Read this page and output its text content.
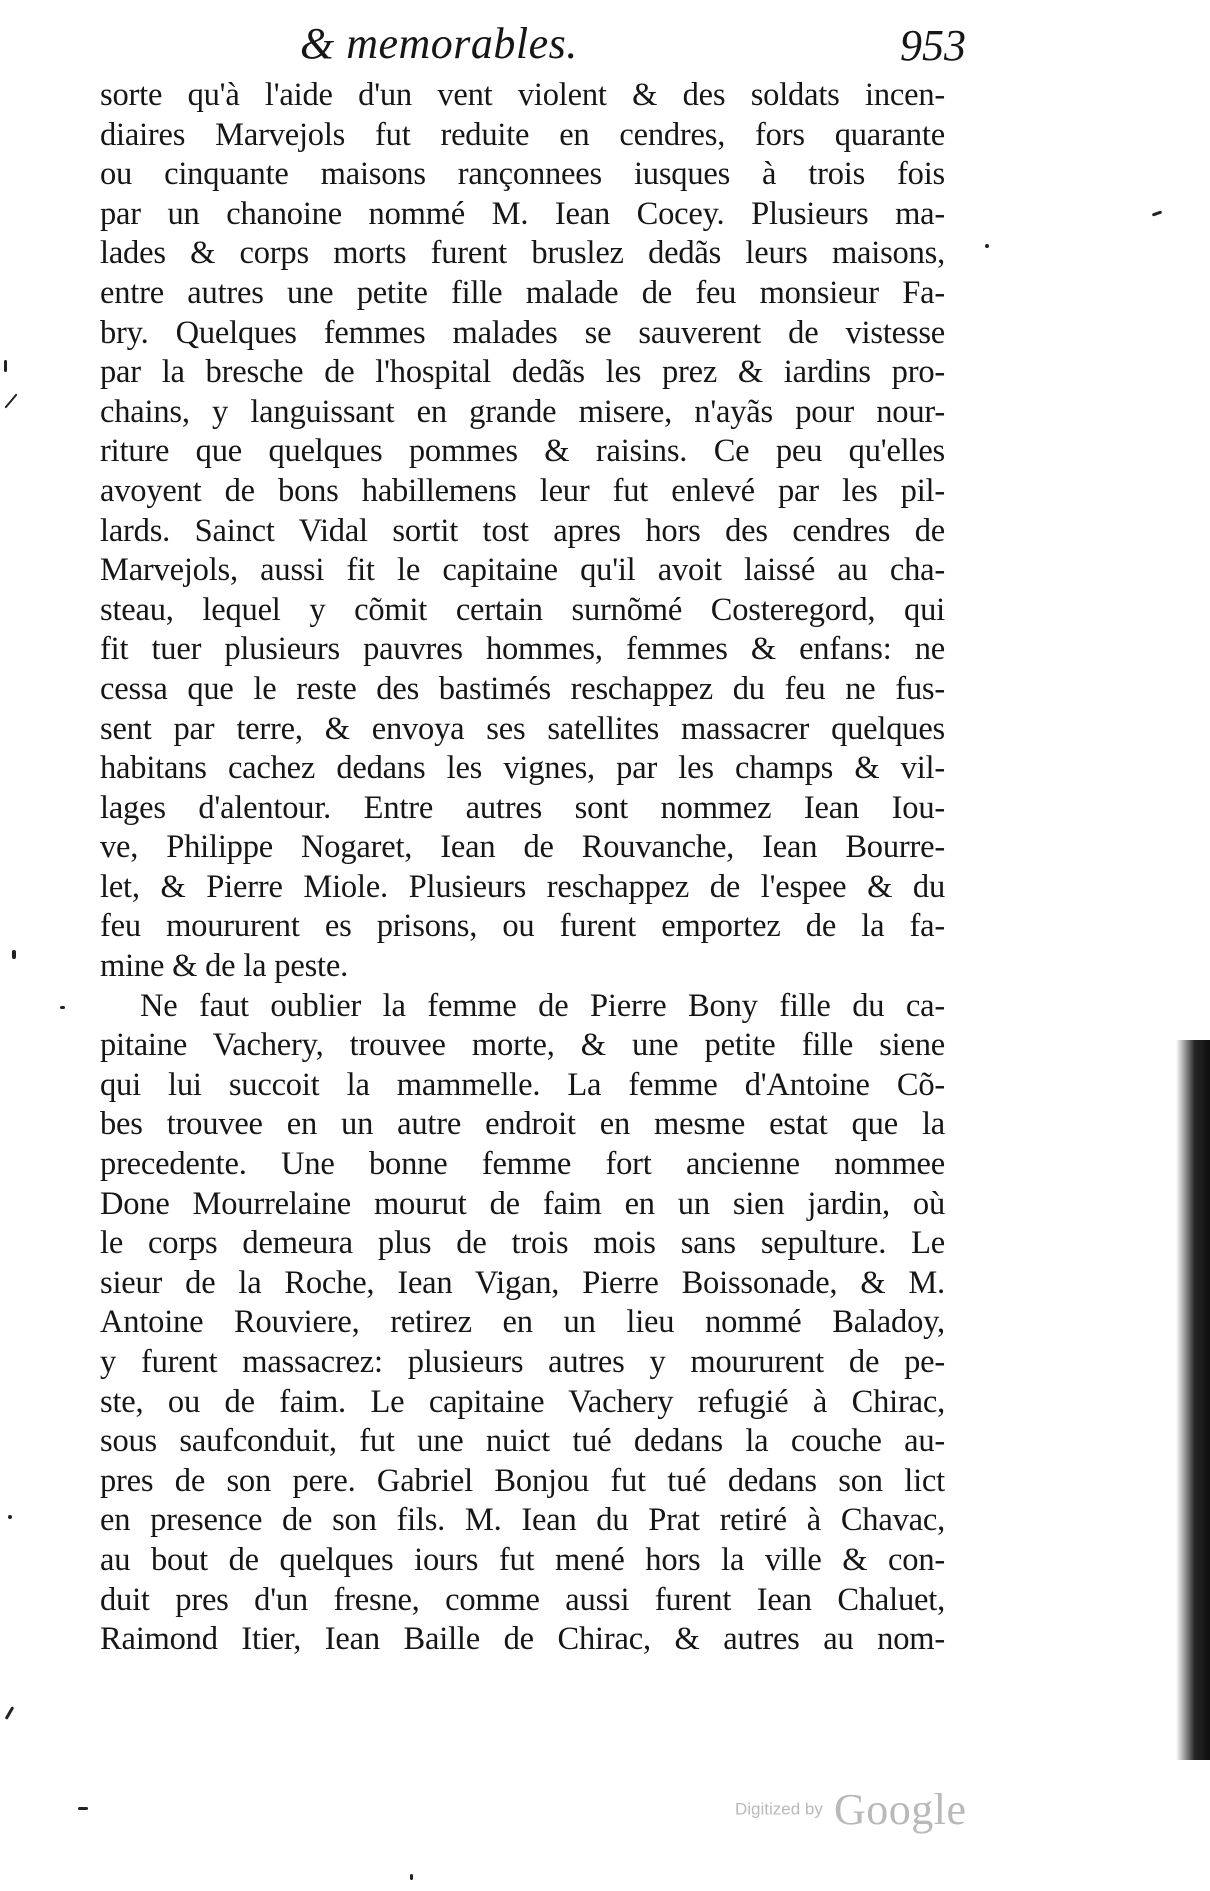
& memorables.	953
sorte qu'à l'aide d'un vent violent & des soldats incen-
diaires Marvejols fut reduite en cendres, fors quarante
ou cinquante maisons rançonnees iusques à trois fois
par un chanoine nommé M. Iean Cocey. Plusieurs ma-
lades & corps morts furent bruslez dedãs leurs maisons,
entre autres une petite fille malade de feu monsieur Fa-
bry. Quelques femmes malades se sauverent de vistesse
par la bresche de l'hospital dedãs les prez & iardins pro-
chains, y languissant en grande misere, n'ayãs pour nour-
riture que quelques pommes & raisins. Ce peu qu'elles
avoyent de bons habillemens leur fut enlevé par les pil-
lards. Sainct Vidal sortit tost apres hors des cendres de
Marvejols, aussi fit le capitaine qu'il avoit laissé au cha-
steau, lequel y cõmit certain surnõmé Costeregord, qui
fit tuer plusieurs pauvres hommes, femmes & enfans: ne
cessa que le reste des bastimés reschappez du feu ne fus-
sent par terre, & envoya ses satellites massacrer quelques
habitans cachez dedans les vignes, par les champs & vil-
lages d'alentour. Entre autres sont nommez Iean Iou-
ve, Philippe Nogaret, Iean de Rouvanche, Iean Bourre-
let, & Pierre Miole. Plusieurs reschappez de l'espee & du
feu moururent es prisons, ou furent emportez de la fa-
mine & de la peste.
Ne faut oublier la femme de Pierre Bony fille du ca-
pitaine Vachery, trouvee morte, & une petite fille siene
qui lui succoit la mammelle. La femme d'Antoine Cõ-
bes trouvee en un autre endroit en mesme estat que la
precedente. Une bonne femme fort ancienne nommee
Done Mourrelaine mourut de faim en un sien jardin, où
le corps demeura plus de trois mois sans sepulture. Le
sieur de la Roche, Iean Vigan, Pierre Boissonade, & M.
Antoine Rouviere, retirez en un lieu nommé Baladoy,
y furent massacrez: plusieurs autres y moururent de pe-
ste, ou de faim. Le capitaine Vachery refugié à Chirac,
sous saufconduit, fut une nuict tué dedans la couche au-
pres de son pere. Gabriel Bonjou fut tué dedans son lict
en presence de son fils. M. Iean du Prat retiré à Chavac,
au bout de quelques iours fut mené hors la ville & con-
duit pres d'un fresne, comme aussi furent Iean Chaluet,
Raimond Itier, Iean Baille de Chirac, & autres au nom-
Digitized by Google
